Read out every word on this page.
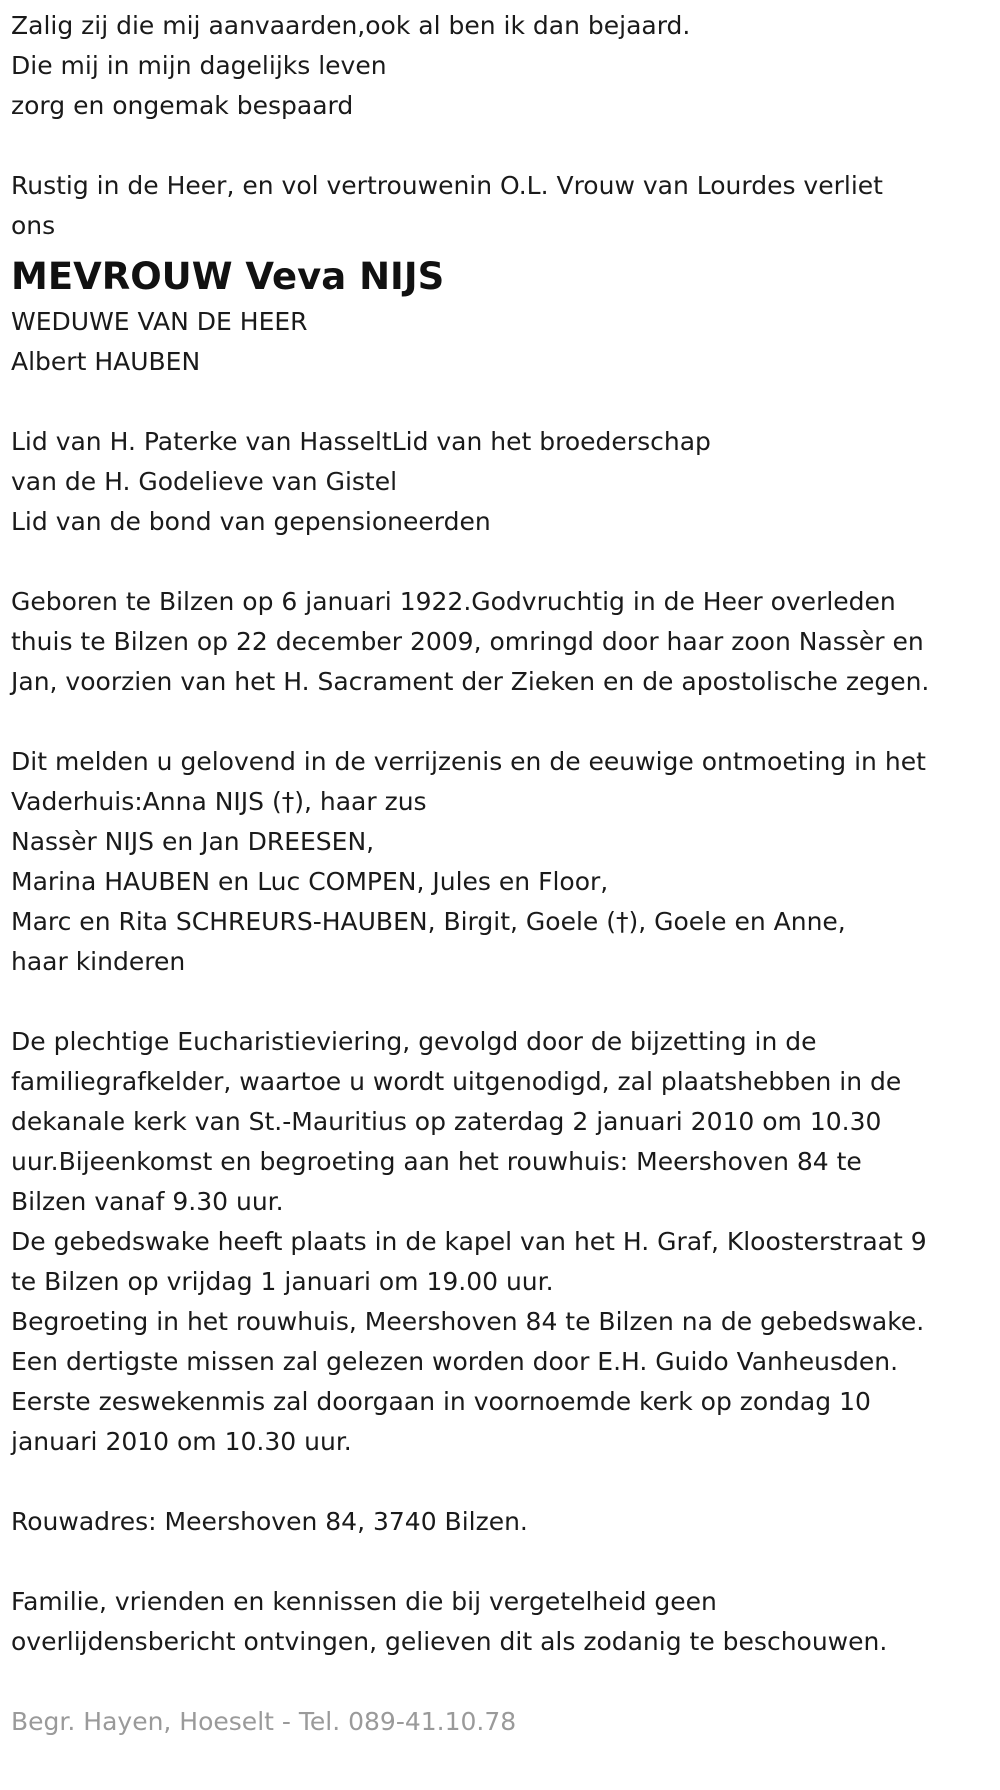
Zalig zij die mij aanvaarden,ook al ben ik dan bejaard.

Die mij in mijn dagelijks leven

zorg en ongemak bespaard

Rustig in de Heer, en vol vertrouwenin O.L. Vrouw van Lourdes verliet

ons

MEVROUW Veva NIJS

WEDUWE VAN DE HEER

Albert HAUBEN

Lid van H. Paterke van HasseltLid van het broederschap

van de H. Godelieve van Gistel

Lid van de bond van gepensioneerden

Geboren te Bilzen op 6 januari 1922.Godvruchtig in de Heer overleden

thuis te Bilzen op 22 december 2009, omringd door haar zoon Nassèr en

Jan, voorzien van het H. Sacrament der Zieken en de apostolische zegen.

Dit melden u gelovend in de verrijzenis en de eeuwige ontmoeting in het

Vaderhuis:Anna NIJS (†), haar zus

Nassèr NIJS en Jan DREESEN,

Marina HAUBEN en Luc COMPEN, Jules en Floor,

Marc en Rita SCHREURS-HAUBEN, Birgit, Goele (†), Goele en Anne,

haar kinderen

De plechtige Eucharistieviering, gevolgd door de bijzetting in de

familiegrafkelder, waartoe u wordt uitgenodigd, zal plaatshebben in de

dekanale kerk van St.-Mauritius op zaterdag 2 januari 2010 om 10.30

uur.Bijeenkomst en begroeting aan het rouwhuis: Meershoven 84 te

Bilzen vanaf 9.30 uur.

De gebedswake heeft plaats in de kapel van het H. Graf, Kloosterstraat 9

te Bilzen op vrijdag 1 januari om 19.00 uur.

Begroeting in het rouwhuis, Meershoven 84 te Bilzen na de gebedswake.

Een dertigste missen zal gelezen worden door E.H. Guido Vanheusden.

Eerste zeswekenmis zal doorgaan in voornoemde kerk op zondag 10

januari 2010 om 10.30 uur.

Rouwadres: Meershoven 84, 3740 Bilzen.

Familie, vrienden en kennissen die bij vergetelheid geen

overlijdensbericht ontvingen, gelieven dit als zodanig te beschouwen.

Begr. Hayen, Hoeselt - Tel. 089-41.10.78
